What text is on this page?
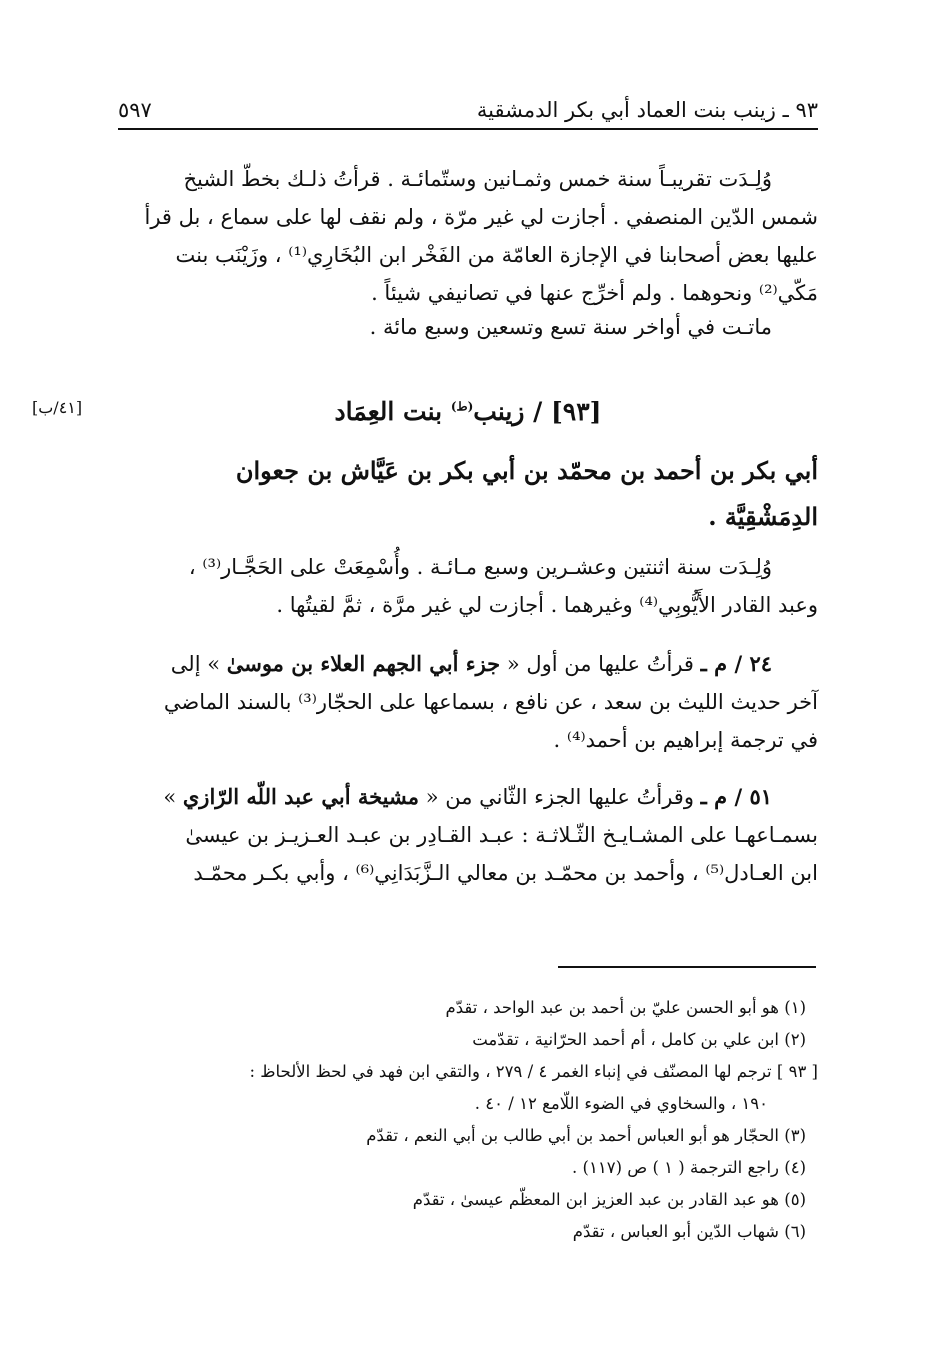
٩٣ ـ زينب بنت العماد أبي بكر الدمشقية
٥٩٧

وُلِـدَت تقريبـاً سنة خمس وثمـانين وستّمائـة . قرأتُ ذلـك بخطّ الشيخ

شمس الدّين المنصفي . أجازت لي غير مرّة ، ولم نقف لها على سماع ، بل قرأ

عليها بعض أصحابنا في الإجازة العامّة من الفَخْر ابن البُخَارِي⁽¹⁾ ، وزَيْنَب بنت

مَكّي⁽²⁾ ونحوهما . ولم أخرِّج عنها في تصانيفي شيئاً .

ماتـت في أواخر سنة تسع وتسعين وسبع مائة .

[٩٣] / زينب$^{(ط)}$ بنت العِمَاد
[٤١/ب]

أبي بكر بن أحمد بن محمّد بن أبي بكر بن عَيَّاش بن جعوان

الدِمَشْقِيَّة .

وُلِـدَت سنة اثنتين وعشـرين وسبع مـائـة . وأُسْمِعَتْ على الحَجَّـار⁽³⁾ ،

وعبد القادر الأَيُّوبِي⁽⁴⁾ وغيرهما . أجازت لي غير مرَّة ، ثمَّ لقيتُها .

٢٤ / م ـ قرأتُ عليها من أول « جزء أبي الجهم العلاء بن موسىٰ » إلى

آخر حديث الليث بن سعد ، عن نافع ، بسماعها على الحجّار⁽³⁾ بالسند الماضي

في ترجمة إبراهيم بن أحمد⁽⁴⁾ .

٥١ / م ـ وقرأتُ عليها الجزء الثّاني من « مشيخة أبي عبد اللّه الرّازي »

بسمـاعهـا على المشـايـخ الثّـلاثـة : عبـد القـادِر بن عبـد العـزيـز بن عيسىٰ

ابن العـادل⁽⁵⁾ ، وأحمد بن محمّـد بن معالي الـزَّبَدَانِي⁽⁶⁾ ، وأبي بكـر محمّـد

(١) هو أبو الحسن عليّ بن أحمد بن عبد الواحد ، تقدّم

(٢) ابن علي بن كامل ، أم أحمد الحرّانية ، تقدّمت

[ ٩٣ ] ترجم لها المصنّف في إنباء الغمر ٤ / ٢٧٩ ، والتقي ابن فهد في لحظ الألحاظ :

١٩٠ ، والسخاوي في الضوء اللّامع ١٢ / ٤٠ .

(٣) الحجّار هو أبو العباس أحمد بن أبي طالب بن أبي النعم ، تقدّم

(٤) راجع الترجمة ( ١ ) ص (١١٧) .

(٥) هو عبد القادر بن عبد العزيز ابن المعظّم عيسىٰ ، تقدّم

(٦) شهاب الدّين أبو العباس ، تقدّم
